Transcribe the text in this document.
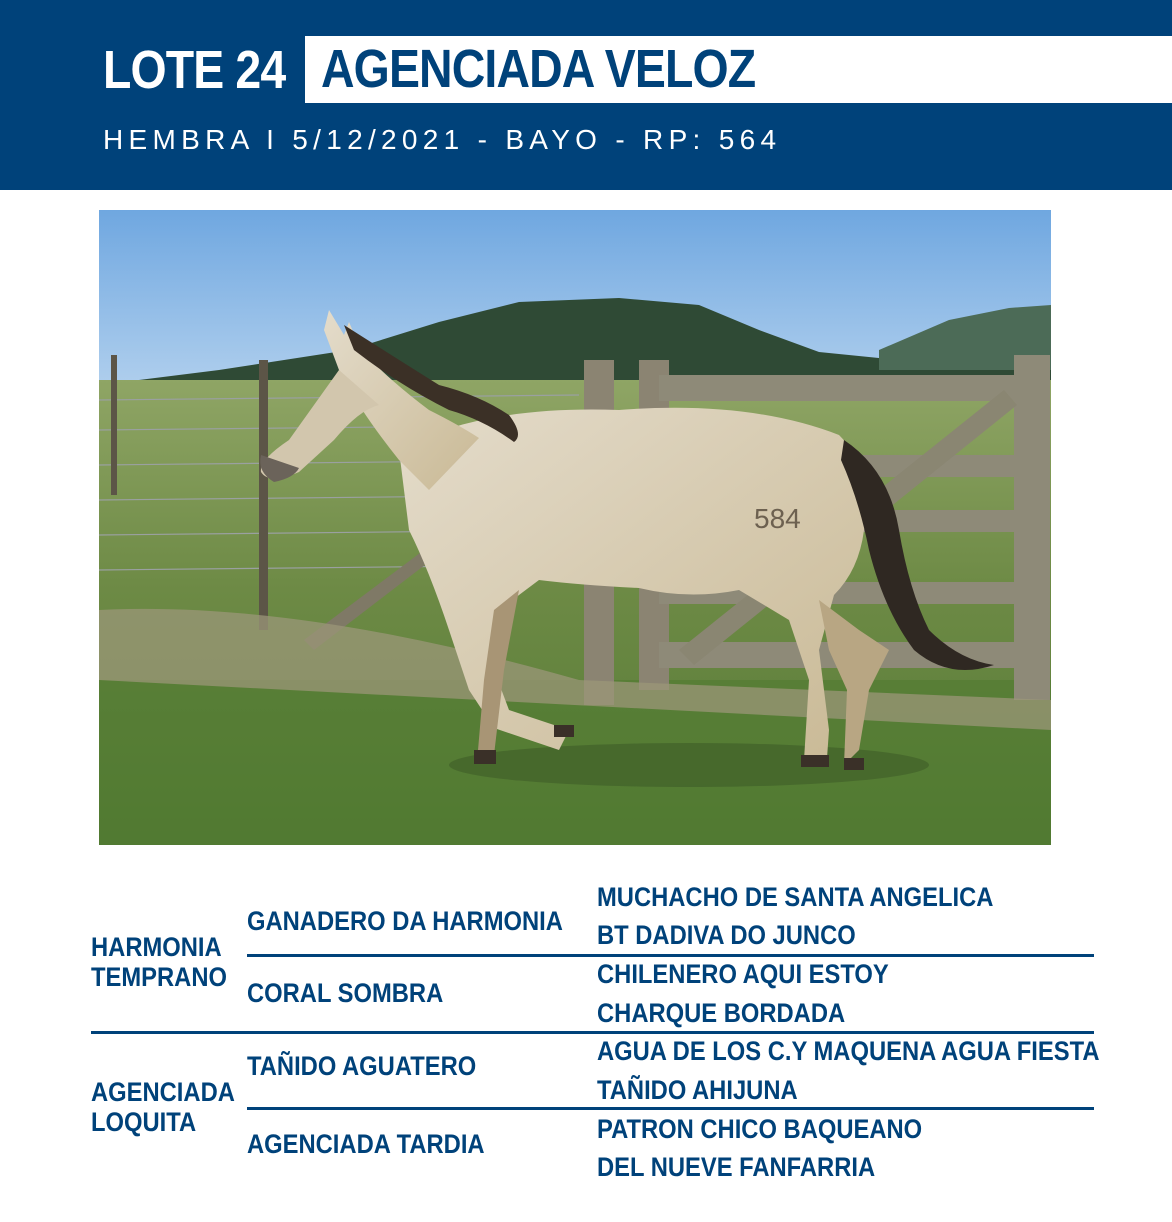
LOTE 24 AGENCIADA VELOZ
HEMBRA I 5/12/2021 - BAYO - RP: 564
584
HARMONIA
TEMPRANO
AGENCIADA
LOQUITA
GANADERO DA HARMONIA
CORAL SOMBRA
TAÑIDO AGUATERO
AGENCIADA TARDIA
MUCHACHO DE SANTA ANGELICA
BT DADIVA DO JUNCO
CHILENERO AQUI ESTOY
CHARQUE BORDADA
AGUA DE LOS C.Y MAQUENA AGUA FIESTA
TAÑIDO AHIJUNA
PATRON CHICO BAQUEANO
DEL NUEVE FANFARRIA
